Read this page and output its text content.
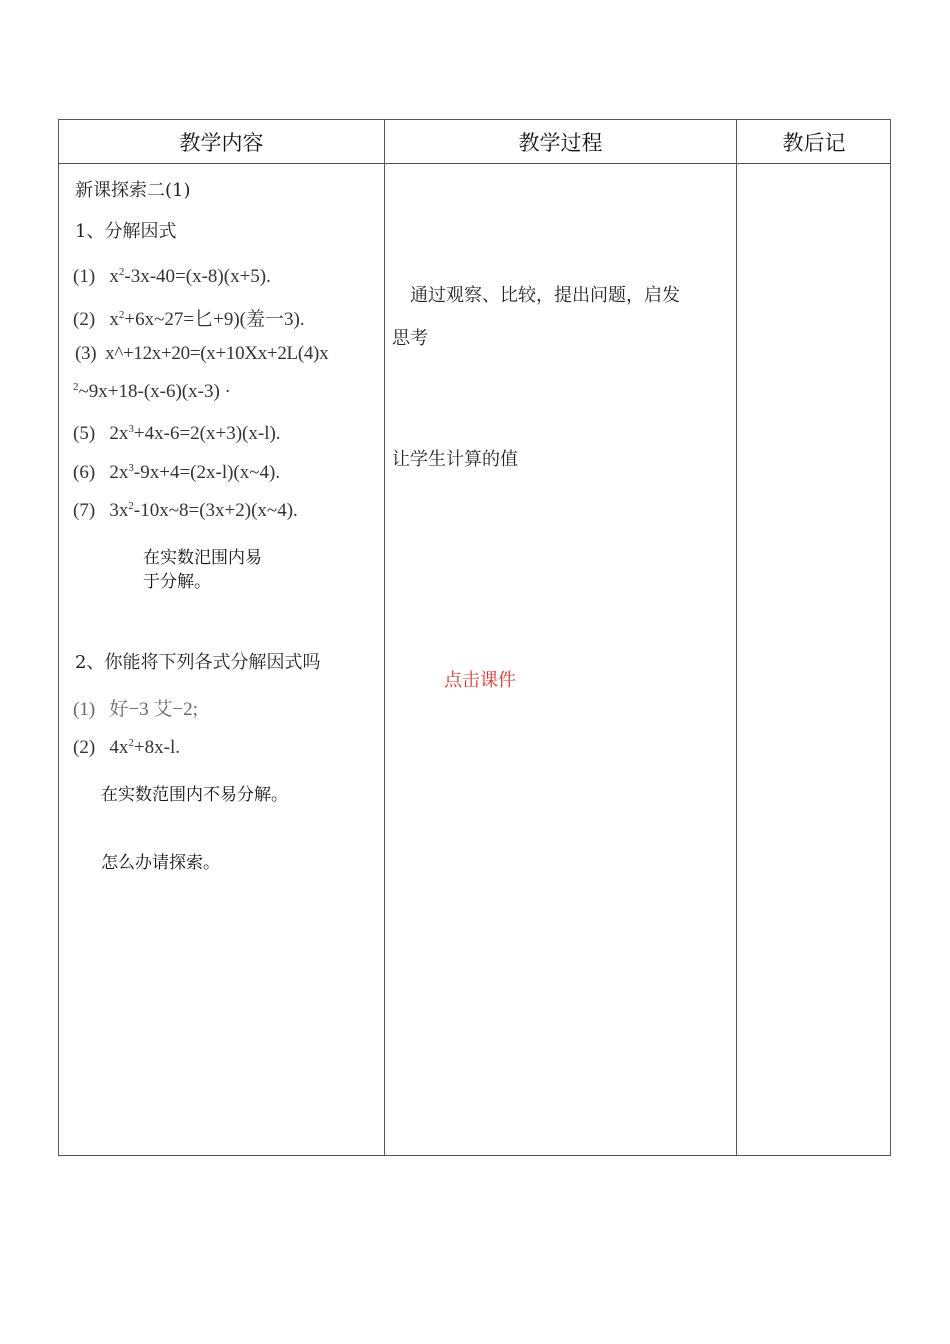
教学内容	教学过程	教后记
新课探索二(1)
1、分解因式
(1) $x^2-3x-40=(x-8)(x+5)$.
(2) $x^2+6x\sim 27=$匕+9)(羞一3).
(3) x^+12x+20=(x+10Xx+2L(4)x
$^2$~9x+18-(x-6)(x-3) ·
(5) $2x^3+4x-6=2(x+3)(x-l)$.
(6) $2x^3-9x+4=(2x-l)(x\sim 4)$.
(7) $3x^2-10x\sim 8=(3x+2)(x\sim 4)$.
在实数汜围内易
于分解。
2、你能将下列各式分解因式吗
(1) 好−3 艾−2;
(2) $4x^2+8x-l$.
在实数范围内不易分解。
怎么办请探索。
通过观察、比较，提出问题，启发
思考
让学生计算的值
点击课件
